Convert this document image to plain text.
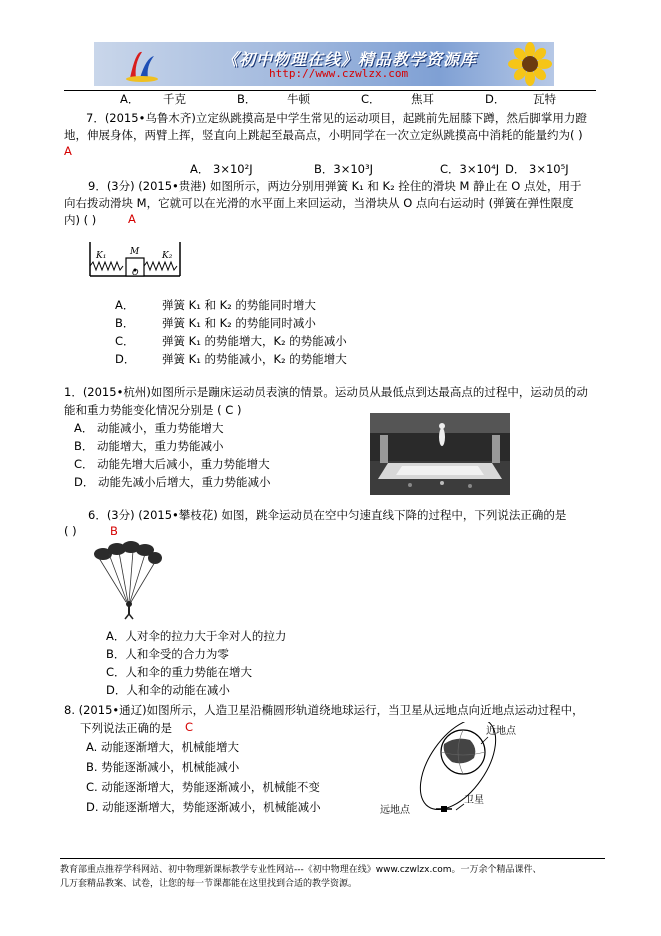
《初中物理在线》精品教学资源库
http://www.czwlzx.com
A． 千克	B．	牛顿	C．	焦耳	D． 瓦特
7．(2015•乌鲁木齐)立定纵跳摸高是中学生常见的运动项目，起跳前先屈膝下蹲，然后脚掌用力蹬
地，伸展身体，两臂上挥，竖直向上跳起至最高点，小明同学在一次立定纵跳摸高中消耗的能量约为( )
A
A． 3×10²J	B．3×10³J	C．3×10⁴J D． 3×10⁵J
9．(3分) (2015•贵港) 如图所示，两边分别用弹簧 K₁ 和 K₂ 拴住的滑块 M 静止在 O 点处，用于
向右拨动滑块 M，它就可以在光滑的水平面上来回运动，当滑块从 O 点向右运动时 (弹簧在弹性限度
内) ( )	A
K₁	M
O
K₂
A． 弹簧 K₁ 和 K₂ 的势能同时增大
B． 弹簧 K₁ 和 K₂ 的势能同时减小
C． 弹簧 K₁ 的势能增大，K₂ 的势能减小
D． 弹簧 K₁ 的势能减小，K₂ 的势能增大
1．(2015•杭州)如图所示是蹦床运动员表演的情景。运动员从最低点到达最高点的过程中，运动员的动
能和重力势能变化情况分别是 ( C )
A． 动能减小，重力势能增大
B． 动能增大，重力势能减小
C． 动能先增大后减小，重力势能增大
D． 动能先减小后增大，重力势能减小
6．(3分) (2015•攀枝花) 如图，跳伞运动员在空中匀速直线下降的过程中，下列说法正确的是
( )	B
A．人对伞的拉力大于伞对人的拉力
B．人和伞受的合力为零
C．人和伞的重力势能在增大
D．人和伞的动能在减小
8. (2015•通辽)如图所示，人造卫星沿椭圆形轨道绕地球运行，当卫星从远地点向近地点运动过程中，
下列说法正确的是 C
A. 动能逐渐增大，机械能增大
B. 势能逐渐减小，机械能减小
C. 动能逐渐增大，势能逐渐减小，机械能不变
D. 动能逐渐增大，势能逐渐减小，机械能减小
近地点
远地点
卫星
教育部重点推荐学科网站、初中物理新课标教学专业性网站---《初中物理在线》www.czwlzx.com。一万余个精品课件、
几万套精品教案、试卷，让您的每一节课都能在这里找到合适的教学资源。
